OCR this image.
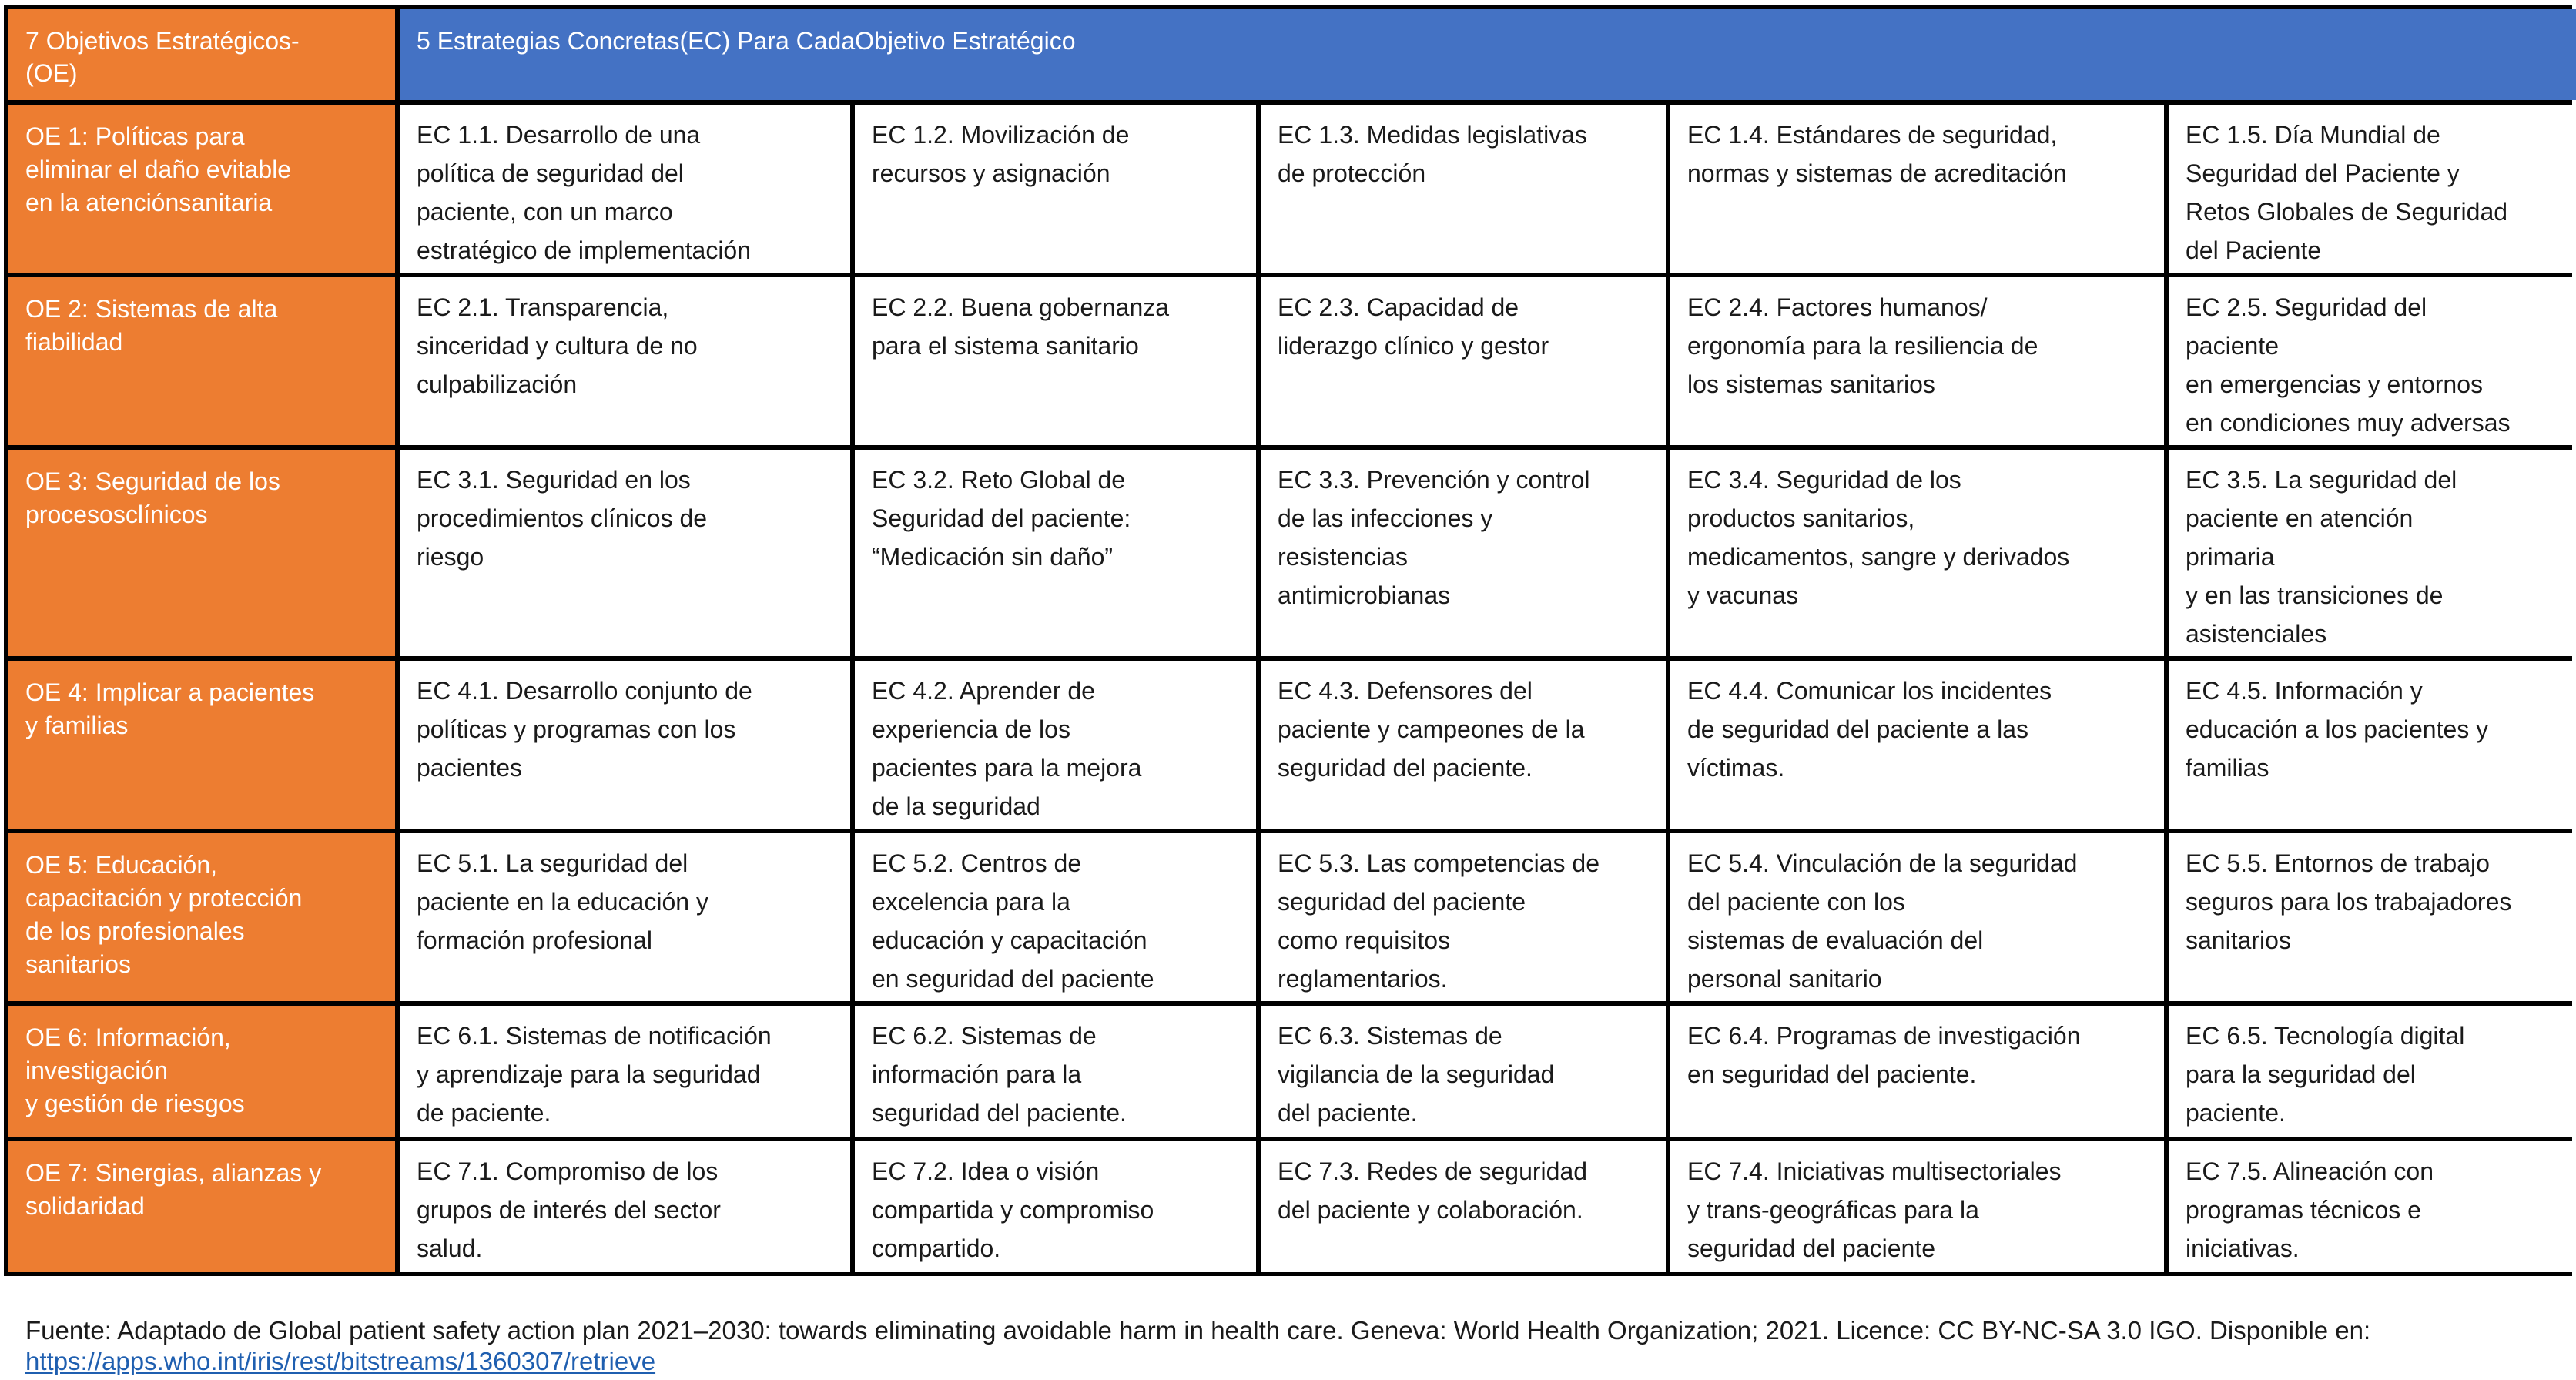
7 Objetivos Estratégicos-
(OE)
5 Estrategias Concretas(EC) Para CadaObjetivo Estratégico
OE 1: Políticas para
eliminar el daño evitable
en la atenciónsanitaria
EC 1.1. Desarrollo de una
política de seguridad del
paciente, con un marco
estratégico de implementación
EC 1.2. Movilización de
recursos y asignación
EC 1.3. Medidas legislativas
de protección
EC 1.4. Estándares de seguridad,
normas y sistemas de acreditación
EC 1.5. Día Mundial de
Seguridad del Paciente y
Retos Globales de Seguridad
del Paciente
OE 2: Sistemas de alta
fiabilidad
EC 2.1. Transparencia,
sinceridad y cultura de no
culpabilización
EC 2.2. Buena gobernanza
para el sistema sanitario
EC 2.3. Capacidad de
liderazgo clínico y gestor
EC 2.4. Factores humanos/
ergonomía para la resiliencia de
los sistemas sanitarios
EC 2.5. Seguridad del
paciente
en emergencias y entornos
en condiciones muy adversas
OE 3: Seguridad de los
procesosclínicos
EC 3.1. Seguridad en los
procedimientos clínicos de
riesgo
EC 3.2. Reto Global de
Seguridad del paciente:
“Medicación sin daño”
EC 3.3. Prevención y control
de las infecciones y
resistencias
antimicrobianas
EC 3.4. Seguridad de los
productos sanitarios,
medicamentos, sangre y derivados
y vacunas
EC 3.5. La seguridad del
paciente en atención
primaria
y en las transiciones de
asistenciales
OE 4: Implicar a pacientes
y familias
EC 4.1. Desarrollo conjunto de
políticas y programas con los
pacientes
EC 4.2. Aprender de
experiencia de los
pacientes para la mejora
de la seguridad
EC 4.3. Defensores del
paciente y campeones de la
seguridad del paciente.
EC 4.4. Comunicar los incidentes
de seguridad del paciente a las
víctimas.
EC 4.5. Información y
educación a los pacientes y
familias
OE 5: Educación,
capacitación y protección
de los profesionales
sanitarios
EC 5.1. La seguridad del
paciente en la educación y
formación profesional
EC 5.2. Centros de
excelencia para la
educación y capacitación
en seguridad del paciente
EC 5.3. Las competencias de
seguridad del paciente
como requisitos
reglamentarios.
EC 5.4. Vinculación de la seguridad
del paciente con los
sistemas de evaluación del
personal sanitario
EC 5.5. Entornos de trabajo
seguros para los trabajadores
sanitarios
OE 6: Información, investigación
y gestión de riesgos
EC 6.1. Sistemas de notificación
y aprendizaje para la seguridad
de paciente.
EC 6.2. Sistemas de
información para la
seguridad del paciente.
EC 6.3. Sistemas de
vigilancia de la seguridad
del paciente.
EC 6.4. Programas de investigación
en seguridad del paciente.
EC 6.5. Tecnología digital
para la seguridad del
paciente.
OE 7: Sinergias, alianzas y
solidaridad
EC 7.1. Compromiso de los
grupos de interés del sector
salud.
EC 7.2. Idea o visión
compartida y compromiso
compartido.
EC 7.3. Redes de seguridad
del paciente y colaboración.
EC 7.4. Iniciativas multisectoriales
y trans-geográficas para la
seguridad del paciente
EC 7.5. Alineación con
programas técnicos e
iniciativas.
Fuente: Adaptado de Global patient safety action plan 2021–2030: towards eliminating avoidable harm in health care. Geneva: World Health Organization; 2021. Licence: CC BY-NC-SA 3.0 IGO. Disponible en:
https://apps.who.int/iris/rest/bitstreams/1360307/retrieve
